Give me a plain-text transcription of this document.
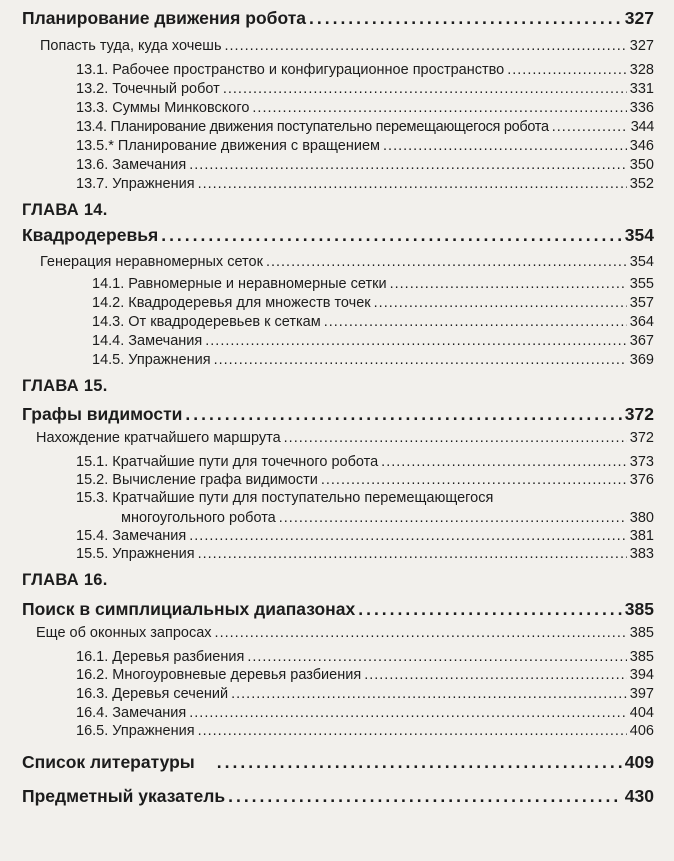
Планирование движения робота .....	327
Попасть туда, куда хочешь .....	327
13.1. Рабочее пространство и конфигурационное пространство .....	328
13.2. Точечный робот .....	331
13.3. Суммы Минковского .....	336
13.4. Планирование движения поступательно перемещающегося робота .....	344
13.5.* Планирование движения с вращением .....	346
13.6. Замечания .....	350
13.7. Упражнения .....	352
ГЛАВА 14.
Квадродеревья .....	354
Генерация неравномерных сеток .....	354
14.1. Равномерные и неравномерные сетки .....	355
14.2. Квадродеревья для множеств точек .....	357
14.3. От квадродеревьев к сеткам .....	364
14.4. Замечания .....	367
14.5. Упражнения .....	369
ГЛАВА 15.
Графы видимости .....	372
Нахождение кратчайшего маршрута .....	372
15.1. Кратчайшие пути для точечного робота .....	373
15.2. Вычисление графа видимости .....	376
15.3. Кратчайшие пути для поступательно перемещающегося
многоугольного робота .....	380
15.4. Замечания .....	381
15.5. Упражнения .....	383
ГЛАВА 16.
Поиск в симплициальных диапазонах .....	385
Еще об оконных запросах .....	385
16.1. Деревья разбиения .....	385
16.2. Многоуровневые деревья разбиения .....	394
16.3. Деревья сечений .....	397
16.4. Замечания .....	404
16.5. Упражнения .....	406
Список литературы .....	409
Предметный указатель .....	430
